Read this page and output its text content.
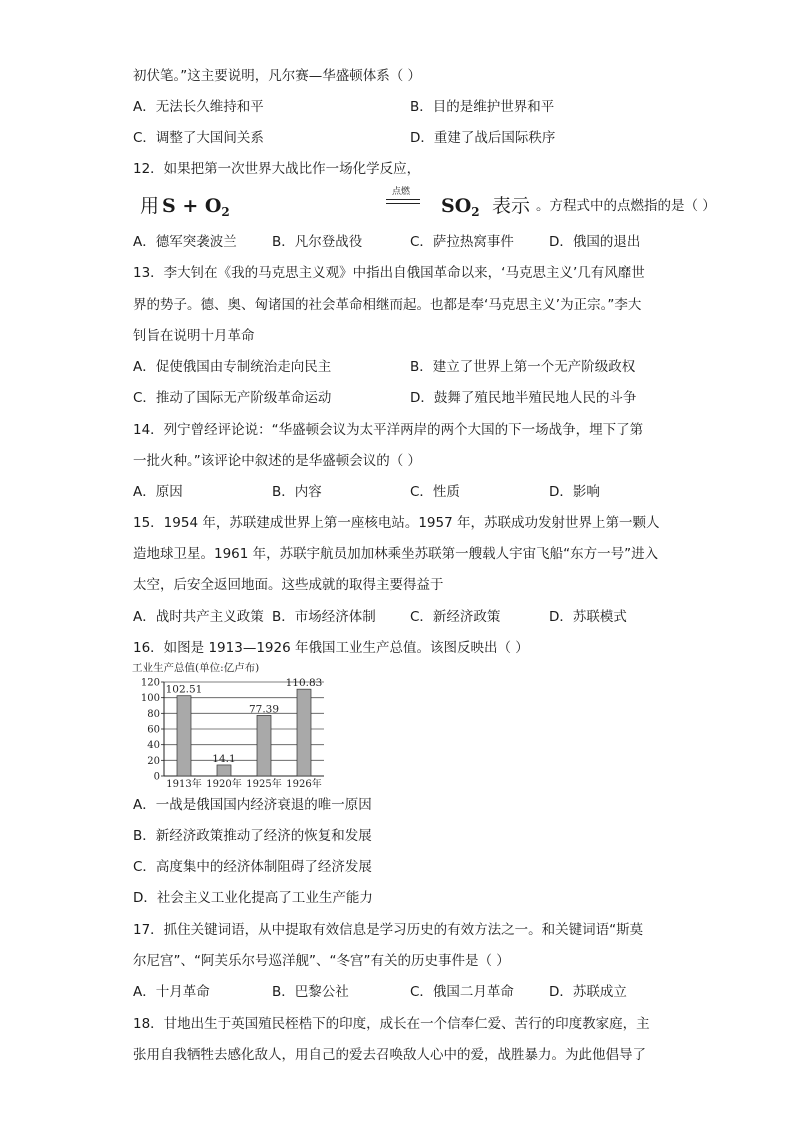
初伏笔。”这主要说明，凡尔赛—华盛顿体系（ ）
A．无法长久维持和平	B．目的是维护世界和平
C．调整了大国间关系	D．重建了战后国际秩序
12．如果把第一次世界大战比作一场化学反应，
用 $S + O_2$
点燃
$SO_2$ 表示 。方程式中的点燃指的是（ ）
A．德军突袭波兰	B．凡尔登战役	C．萨拉热窝事件	D．俄国的退出
13．李大钊在《我的马克思主义观》中指出自俄国革命以来，‘马克思主义’几有风靡世
界的势子。德、奥、匈诸国的社会革命相继而起。也都是奉‘马克思主义’为正宗。”李大
钊旨在说明十月革命
A．促使俄国由专制统治走向民主	B．建立了世界上第一个无产阶级政权
C．推动了国际无产阶级革命运动	D．鼓舞了殖民地半殖民地人民的斗争
14．列宁曾经评论说：“华盛顿会议为太平洋两岸的两个大国的下一场战争，埋下了第
一批火种。”该评论中叙述的是华盛顿会议的（ ）
A．原因	B．内容	C．性质	D．影响
15．1954 年，苏联建成世界上第一座核电站。1957 年，苏联成功发射世界上第一颗人
造地球卫星。1961 年，苏联宇航员加加林乘坐苏联第一艘载人宇宙飞船“东方一号”进入
太空，后安全返回地面。这些成就的取得主要得益于
A．战时共产主义政策 B．市场经济体制	C．新经济政策	D．苏联模式
16．如图是 1913—1926 年俄国工业生产总值。该图反映出（ ）
工业生产总值(单位:亿卢布)
0
20
40
60
80
100
120
102.51
14.1
77.39
110.83
1913年 1920年 1925年 1926年
A．一战是俄国国内经济衰退的唯一原因
B．新经济政策推动了经济的恢复和发展
C．高度集中的经济体制阻碍了经济发展
D．社会主义工业化提高了工业生产能力
17．抓住关键词语，从中提取有效信息是学习历史的有效方法之一。和关键词语“斯莫
尔尼宫”、“阿芙乐尔号巡洋舰”、“冬宫”有关的历史事件是（ ）
A．十月革命	B．巴黎公社	C．俄国二月革命	D．苏联成立
18．甘地出生于英国殖民桎梏下的印度，成长在一个信奉仁爱、苦行的印度教家庭，主
张用自我牺牲去感化敌人，用自己的爱去召唤敌人心中的爱，战胜暴力。为此他倡导了
